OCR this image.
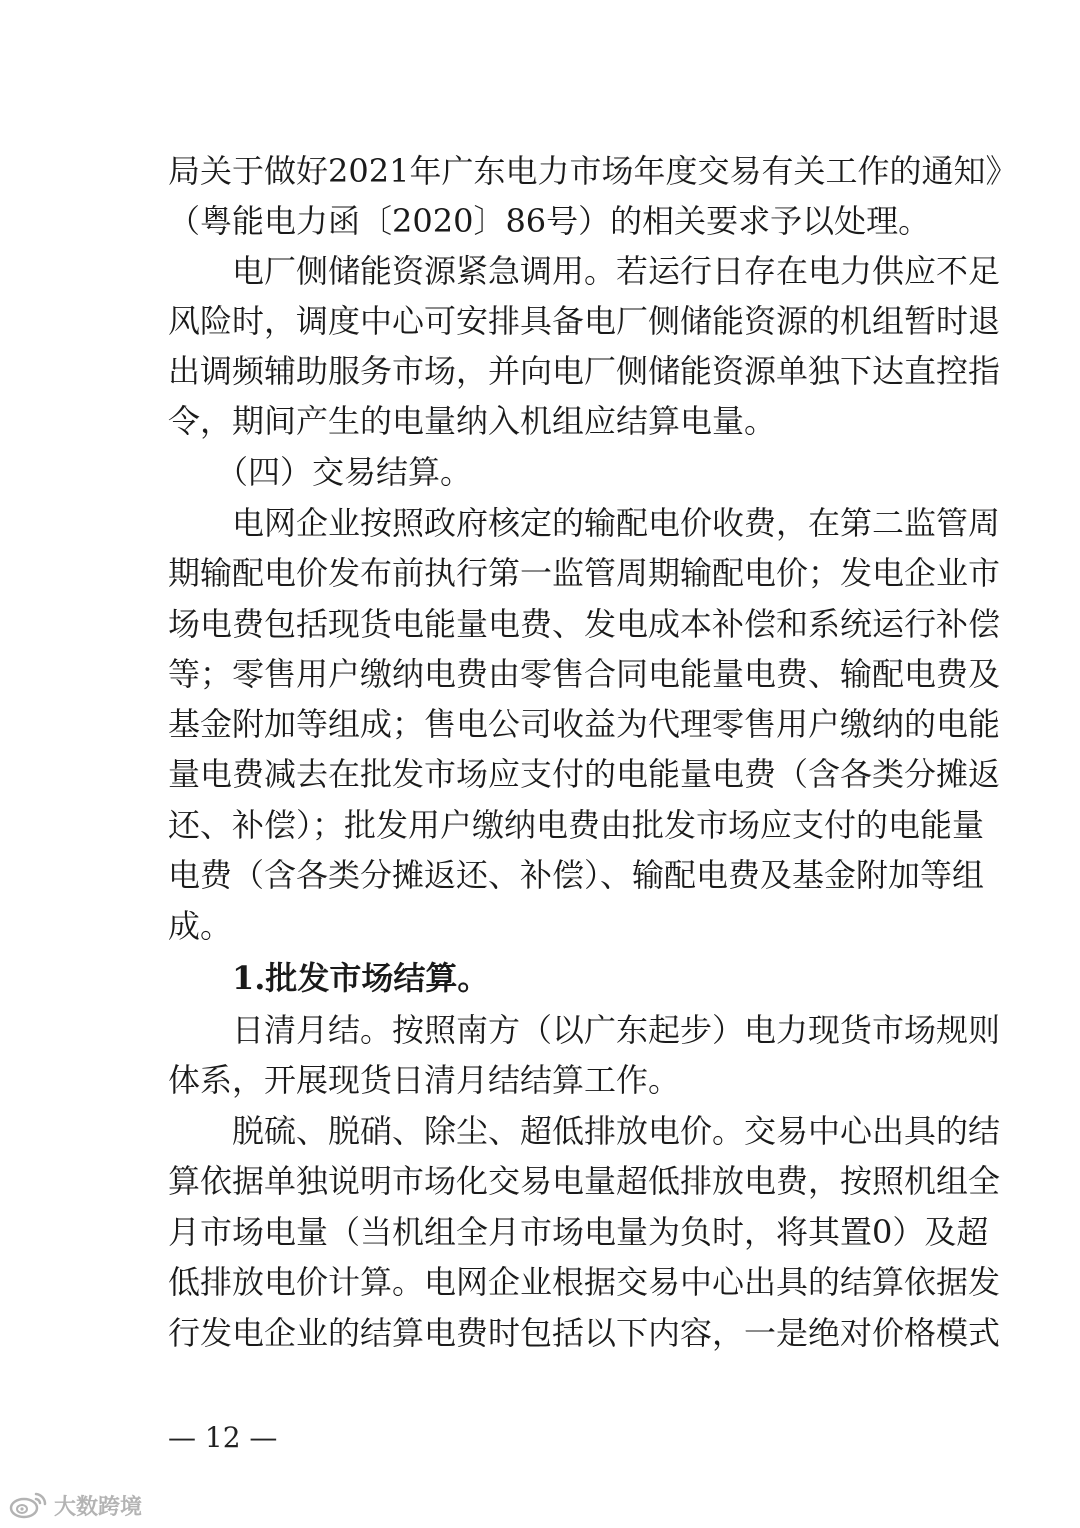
局关于做好2021年广东电力市场年度交易有关工作的通知》
（粤能电力函〔2020〕86号）的相关要求予以处理。
　　电厂侧储能资源紧急调用。若运行日存在电力供应不足
风险时，调度中心可安排具备电厂侧储能资源的机组暂时退
出调频辅助服务市场，并向电厂侧储能资源单独下达直控指
令，期间产生的电量纳入机组应结算电量。
　　（四）交易结算。
　　电网企业按照政府核定的输配电价收费，在第二监管周
期输配电价发布前执行第一监管周期输配电价；发电企业市
场电费包括现货电能量电费、发电成本补偿和系统运行补偿
等；零售用户缴纳电费由零售合同电能量电费、输配电费及
基金附加等组成；售电公司收益为代理零售用户缴纳的电能
量电费减去在批发市场应支付的电能量电费（含各类分摊返
还、补偿）；批发用户缴纳电费由批发市场应支付的电能量
电费（含各类分摊返还、补偿）、输配电费及基金附加等组
成。
　　1.批发市场结算。
　　日清月结。按照南方（以广东起步）电力现货市场规则
体系，开展现货日清月结结算工作。
　　脱硫、脱硝、除尘、超低排放电价。交易中心出具的结
算依据单独说明市场化交易电量超低排放电费，按照机组全
月市场电量（当机组全月市场电量为负时，将其置0）及超
低排放电价计算。电网企业根据交易中心出具的结算依据发
行发电企业的结算电费时包括以下内容，一是绝对价格模式
— 12 —
大数跨境
